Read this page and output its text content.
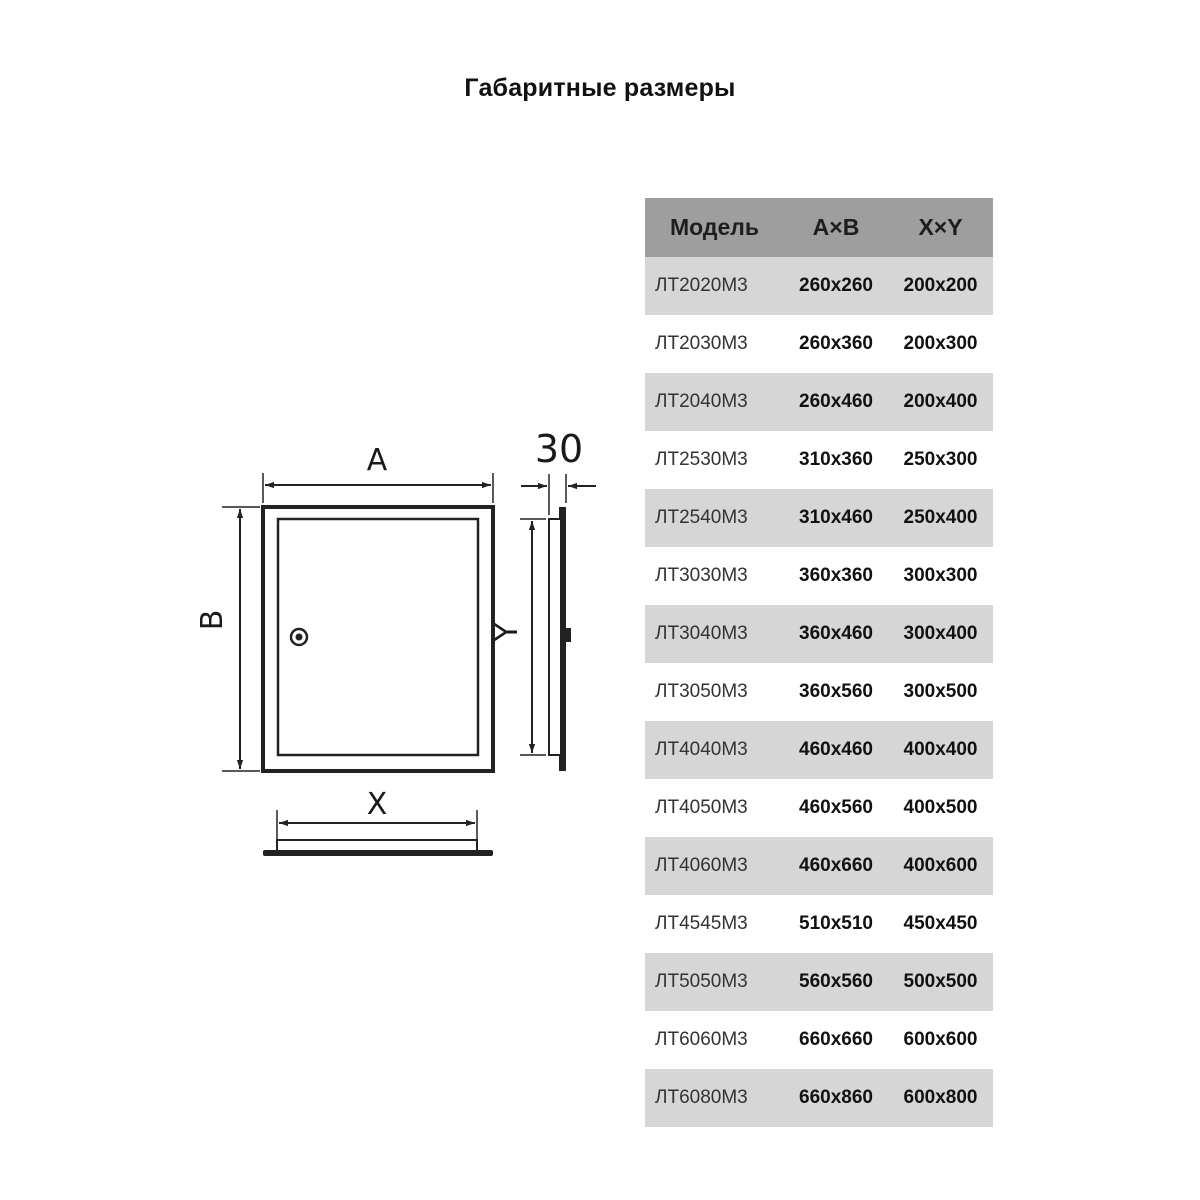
Габаритные размеры
A
B
30
Y
X
Модель	A×B	X×Y
ЛТ2020М3	260x260	200x200
ЛТ2030М3	260x360	200x300
ЛТ2040М3	260x460	200x400
ЛТ2530М3	310x360	250x300
ЛТ2540М3	310x460	250x400
ЛТ3030М3	360x360	300x300
ЛТ3040М3	360x460	300x400
ЛТ3050М3	360x560	300x500
ЛТ4040М3	460x460	400x400
ЛТ4050М3	460x560	400x500
ЛТ4060М3	460x660	400x600
ЛТ4545М3	510x510	450x450
ЛТ5050М3	560x560	500x500
ЛТ6060М3	660x660	600x600
ЛТ6080М3	660x860	600x800
